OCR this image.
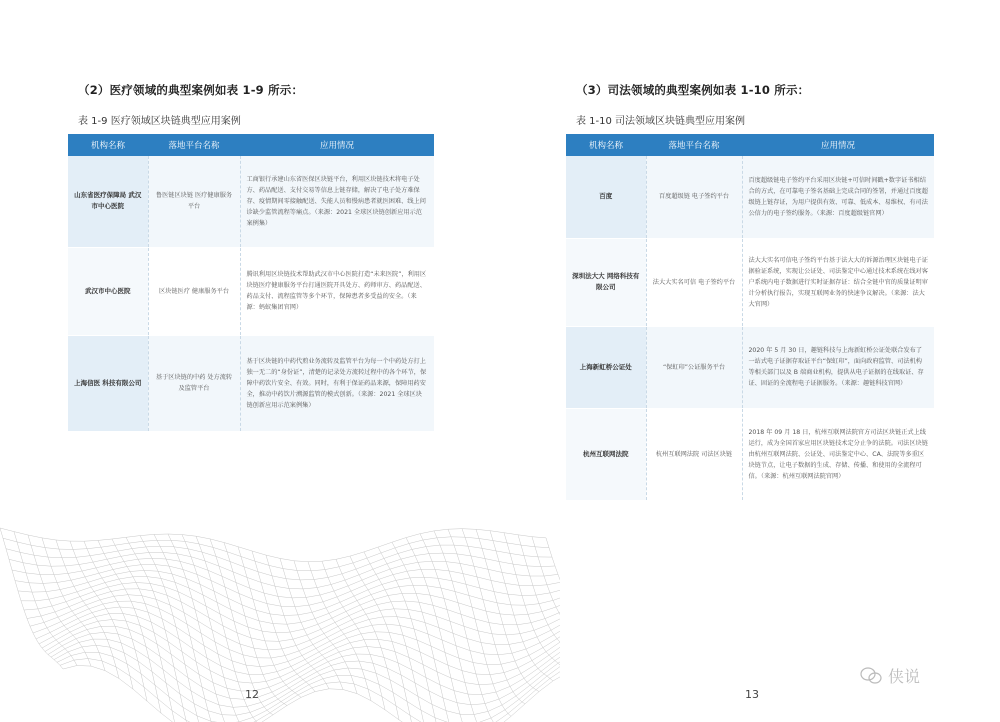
（2）医疗领域的典型案例如表 1-9 所示：
表 1-9 医疗领域区块链典型应用案例
机构名称	落地平台名称	应用情况
山东省医疗保障局 武汉市中心医院	鲁医链区块链 医疗健康服务平台	工商银行承建山东省医保区块链平台，利用区块链技术将电子处方、药品配送、支付交易等信息上链存储，解决了电子处方难保存、疫情期间零接触配送、失能人员和慢病患者就医困难、线上问诊缺少监管流程等痛点。（来源：2021 全球区块链创新应用示范案例集）
武汉市中心医院	区块链医疗 健康服务平台	腾讯利用区块链技术帮助武汉市中心医院打造“未来医院”，利用区块链医疗健康服务平台打通医院开具处方、药师审方、药品配送、药品支付、流程监管等多个环节，保障患者多受益的安全。（来源：蚂蚁集团官网）
上海信医 科技有限公司	基于区块链的中药 处方流转及监管平台	基于区块链的中药代煎业务流转及监管平台为每一个中药处方打上独一无二的“身份证”，清楚的记录处方流转过程中的各个环节，保障中药饮片安全、有效。同时，有利于保证药品来源，保障用药安全，推动中药饮片溯源监管的模式创新。（来源：2021 全球区块链创新应用示范案例集）
12
（3）司法领域的典型案例如表 1-10 所示：
表 1-10 司法领域区块链典型应用案例
机构名称	落地平台名称	应用情况
百度	百度超级链 电子签约平台	百度超级链电子签约平台采用区块链+可信时间戳+数字证书相结合的方式，在可靠电子签名基础上完成合同的签署，并通过百度超级链上链存证，为用户提供有效、可靠、低成本、易维权、有司法公信力的电子签约服务。（来源：百度超级链官网）
深圳法大大 网络科技有限公司	法大大实名可信 电子签约平台	法大大实名可信电子签约平台基于法大大的诉源治理区块链电子证据验证系统，实现让公证处、司法鉴定中心通过技术系统在线对客户系统内电子数据进行实时证据存证：结合全链中官的质量证明审计分析执行报告，实现互联网业务的快速争议解决。（来源：法大大官网）
上海新虹桥公证处	“保虹印”公证服务平台	2020 年 5 月 30 日，趣链科技与上海新虹桥公证处联合发布了一站式电子证据存取证平台“保虹印”，面向政府监管、司法机构等相关部门以及 B 端商业机构，提供从电子证据的在线取证、存证、固证的全流程电子证据服务。（来源：趣链科技官网）
杭州互联网法院	杭州互联网法院 司法区块链	2018 年 09 月 18 日，杭州互联网法院官方司法区块链正式上线运行，成为全国首家应用区块链技术定分止争的法院。司法区块链由杭州互联网法院、公证处、司法鉴定中心、CA、法院等多重区块链节点，让电子数据的生成、存储、传播、和使用的全流程可信。（来源：杭州互联网法院官网）
13
侠说
